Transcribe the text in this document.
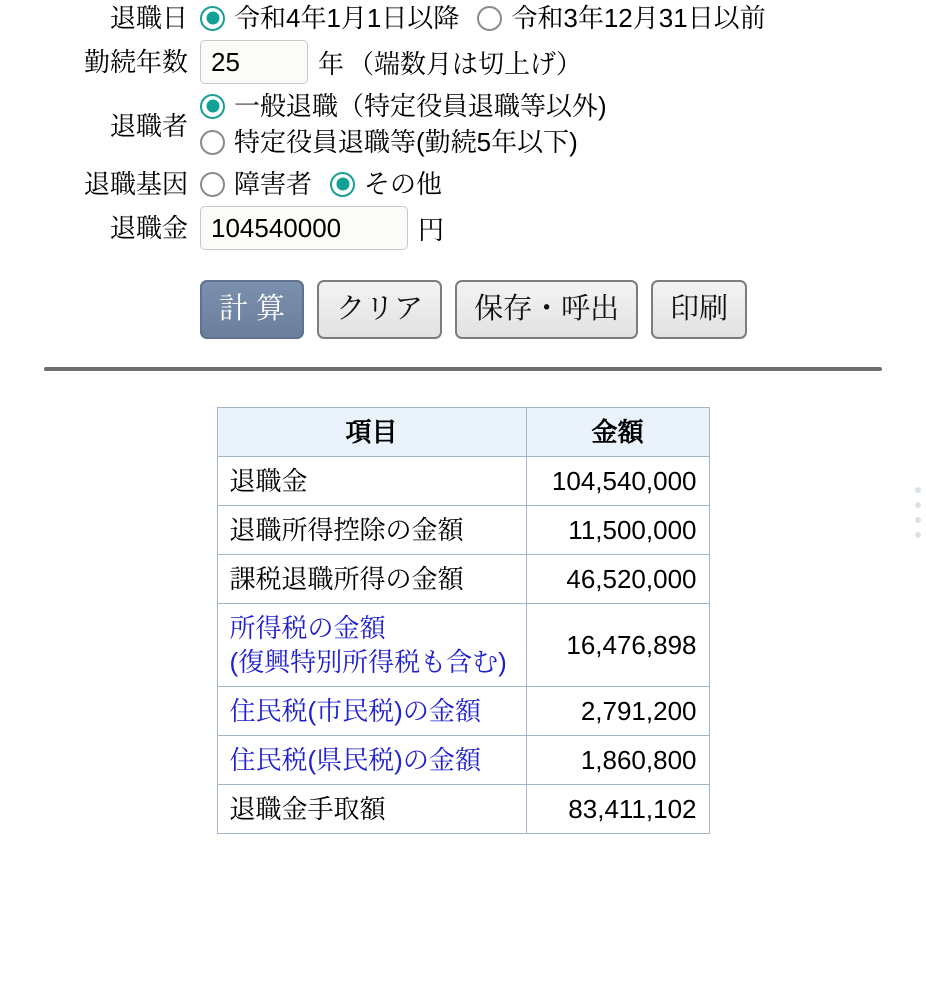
退職日	令和4年1月1日以降 令和3年12月31日以前
勤続年数
25	年 （端数月は切上げ）
退職者
一般退職（特定役員退職等以外)
特定役員退職等(勤続5年以下)
退職基因	障害者 その他
退職金
104540000	円
計 算	クリア	保存・呼出	印刷
項目	金額
退職金	104,540,000
退職所得控除の金額	11,500,000
課税退職所得の金額	46,520,000
所得税の金額
(復興特別所得税も含む)	16,476,898
住民税(市民税)の金額	2,791,200
住民税(県民税)の金額	1,860,800
退職金手取額	83,411,102
